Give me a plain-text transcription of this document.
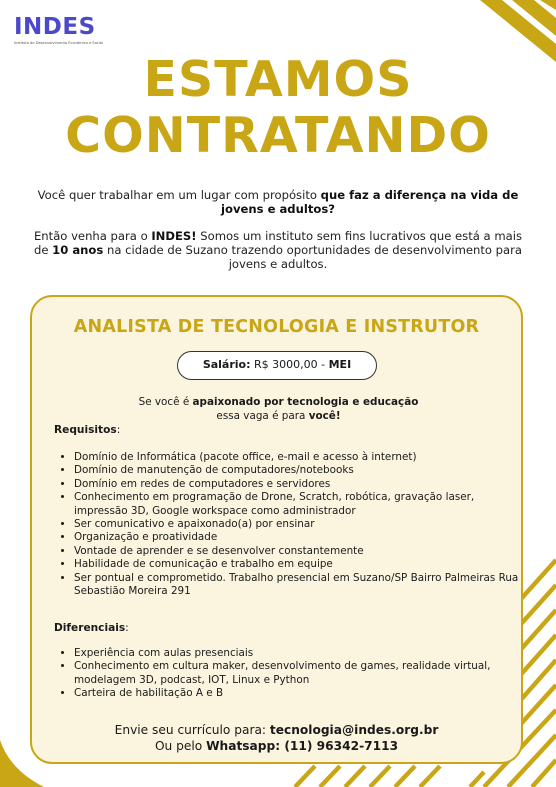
INDES
Instituto de Desenvolvimento Econômico e Social
ESTAMOS
CONTRATANDO
Você quer trabalhar em um lugar com propósito que faz a diferença na vida de jovens e adultos?
Então venha para o INDES! Somos um instituto sem fins lucrativos que está a mais de 10 anos na cidade de Suzano trazendo oportunidades de desenvolvimento para jovens e adultos.
ANALISTA DE TECNOLOGIA E INSTRUTOR
Salário: R$ 3000,00 - MEI
Se você é apaixonado por tecnologia e educação
essa vaga é para você!
Requisitos:
• Domínio de Informática (pacote office, e-mail e acesso à internet)
• Domínio de manutenção de computadores/notebooks
• Domínio em redes de computadores e servidores
• Conhecimento em programação de Drone, Scratch, robótica, gravação laser, impressão 3D, Google workspace como administrador
• Ser comunicativo e apaixonado(a) por ensinar
• Organização e proatividade
• Vontade de aprender e se desenvolver constantemente
• Habilidade de comunicação e trabalho em equipe
• Ser pontual e comprometido. Trabalho presencial em Suzano/SP Bairro Palmeiras Rua Sebastião Moreira 291
Diferenciais:
• Experiência com aulas presenciais
• Conhecimento em cultura maker, desenvolvimento de games, realidade virtual, modelagem 3D, podcast, IOT, Linux e Python
• Carteira de habilitação A e B
Envie seu currículo para: tecnologia@indes.org.br
Ou pelo Whatsapp: (11) 96342-7113
